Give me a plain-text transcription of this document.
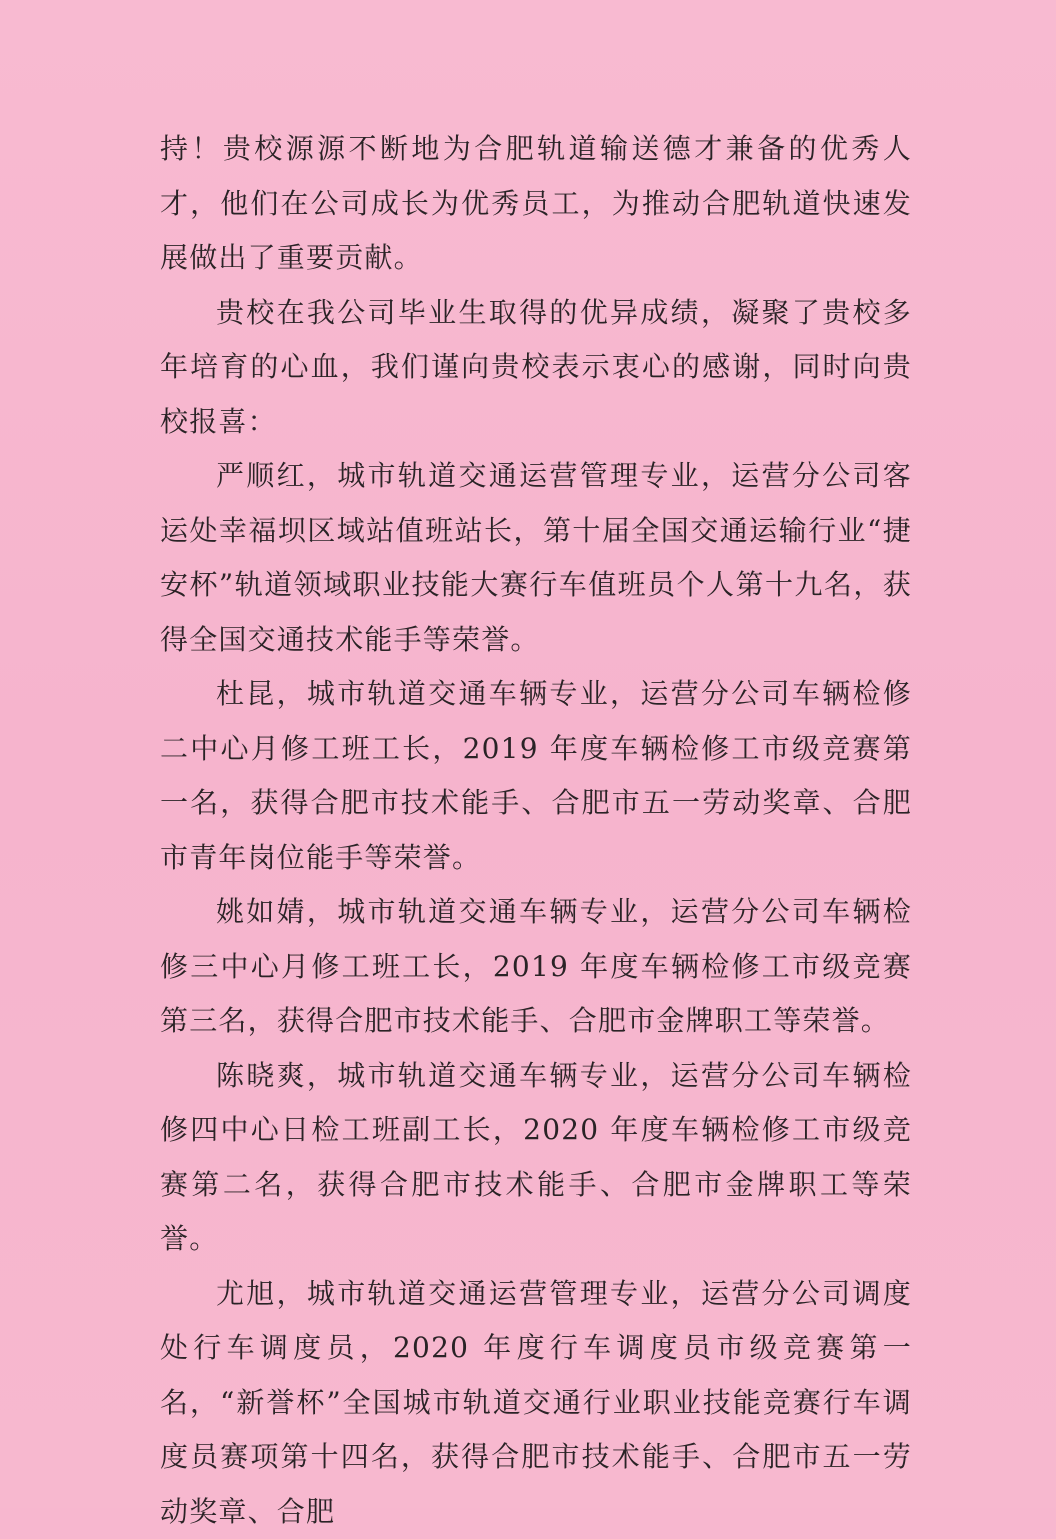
持！贵校源源不断地为合肥轨道输送德才兼备的优秀人才，他们在公司成长为优秀员工，为推动合肥轨道快速发展做出了重要贡献。

贵校在我公司毕业生取得的优异成绩，凝聚了贵校多年培育的心血，我们谨向贵校表示衷心的感谢，同时向贵校报喜：

严顺红，城市轨道交通运营管理专业，运营分公司客运处幸福坝区域站值班站长，第十届全国交通运输行业“捷安杯”轨道领域职业技能大赛行车值班员个人第十九名，获得全国交通技术能手等荣誉。

杜昆，城市轨道交通车辆专业，运营分公司车辆检修二中心月修工班工长，2019 年度车辆检修工市级竞赛第一名，获得合肥市技术能手、合肥市五一劳动奖章、合肥市青年岗位能手等荣誉。

姚如婧，城市轨道交通车辆专业，运营分公司车辆检修三中心月修工班工长，2019 年度车辆检修工市级竞赛第三名，获得合肥市技术能手、合肥市金牌职工等荣誉。

陈晓爽，城市轨道交通车辆专业，运营分公司车辆检修四中心日检工班副工长，2020 年度车辆检修工市级竞赛第二名，获得合肥市技术能手、合肥市金牌职工等荣誉。

尤旭，城市轨道交通运营管理专业，运营分公司调度处行车调度员，2020 年度行车调度员市级竞赛第一名，“新誉杯”全国城市轨道交通行业职业技能竞赛行车调度员赛项第十四名，获得合肥市技术能手、合肥市五一劳动奖章、合肥
